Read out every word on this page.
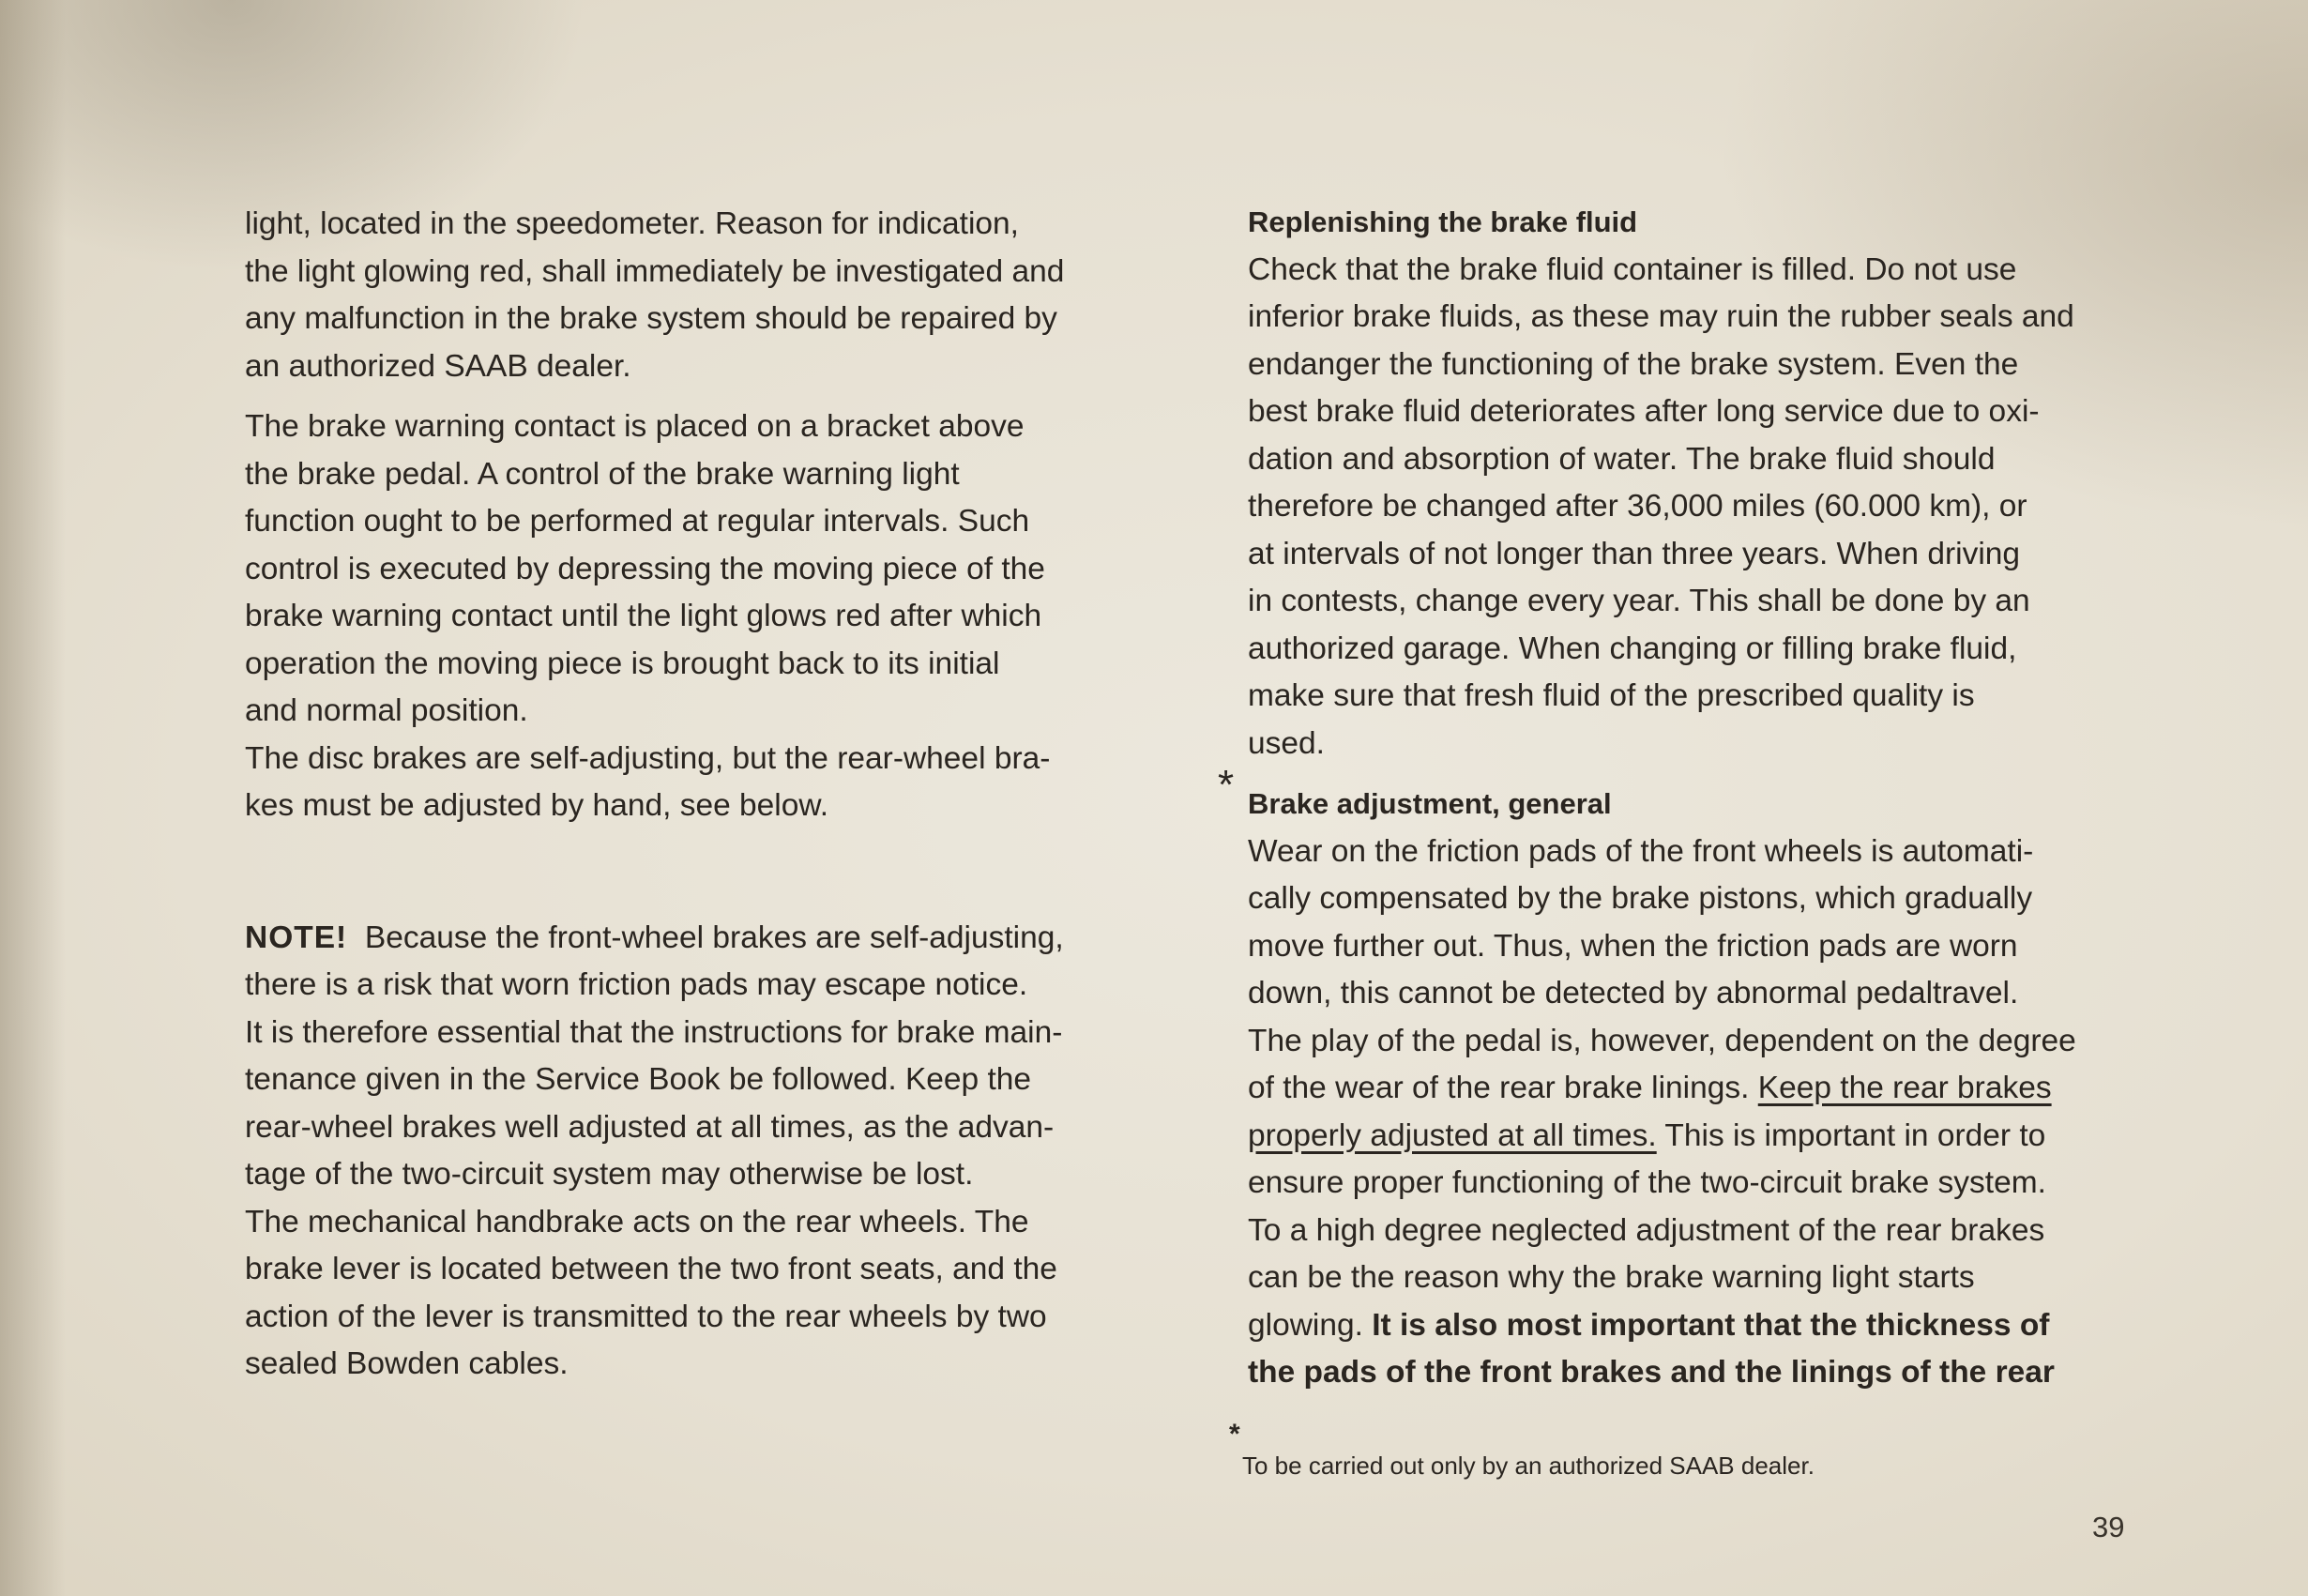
light, located in the speedometer. Reason for indication,
the light glowing red, shall immediately be investigated and
any malfunction in the brake system should be repaired by
an authorized SAAB dealer.
The brake warning contact is placed on a bracket above
the brake pedal. A control of the brake warning light
function ought to be performed at regular intervals. Such
control is executed by depressing the moving piece of the
brake warning contact until the light glows red after which
operation the moving piece is brought back to its initial
and normal position.
The disc brakes are self-adjusting, but the rear-wheel bra-
kes must be adjusted by hand, see below.
NOTE! Because the front-wheel brakes are self-adjusting,
there is a risk that worn friction pads may escape notice.
It is therefore essential that the instructions for brake main-
tenance given in the Service Book be followed. Keep the
rear-wheel brakes well adjusted at all times, as the advan-
tage of the two-circuit system may otherwise be lost.
The mechanical handbrake acts on the rear wheels. The
brake lever is located between the two front seats, and the
action of the lever is transmitted to the rear wheels by two
sealed Bowden cables.
Replenishing the brake fluid
Check that the brake fluid container is filled. Do not use
inferior brake fluids, as these may ruin the rubber seals and
endanger the functioning of the brake system. Even the
best brake fluid deteriorates after long service due to oxi-
dation and absorption of water. The brake fluid should
therefore be changed after 36,000 miles (60.000 km), or
at intervals of not longer than three years. When driving
in contests, change every year. This shall be done by an
authorized garage. When changing or filling brake fluid,
make sure that fresh fluid of the prescribed quality is
used.
Brake adjustment, general
Wear on the friction pads of the front wheels is automati-
cally compensated by the brake pistons, which gradually
move further out. Thus, when the friction pads are worn
down, this cannot be detected by abnormal pedaltravel.
The play of the pedal is, however, dependent on the degree
of the wear of the rear brake linings. Keep the rear brakes
properly adjusted at all times. This is important in order to
ensure proper functioning of the two-circuit brake system.
To a high degree neglected adjustment of the rear brakes
can be the reason why the brake warning light starts
glowing. It is also most important that the thickness of
the pads of the front brakes and the linings of the rear
*
*
To be carried out only by an authorized SAAB dealer.
39
